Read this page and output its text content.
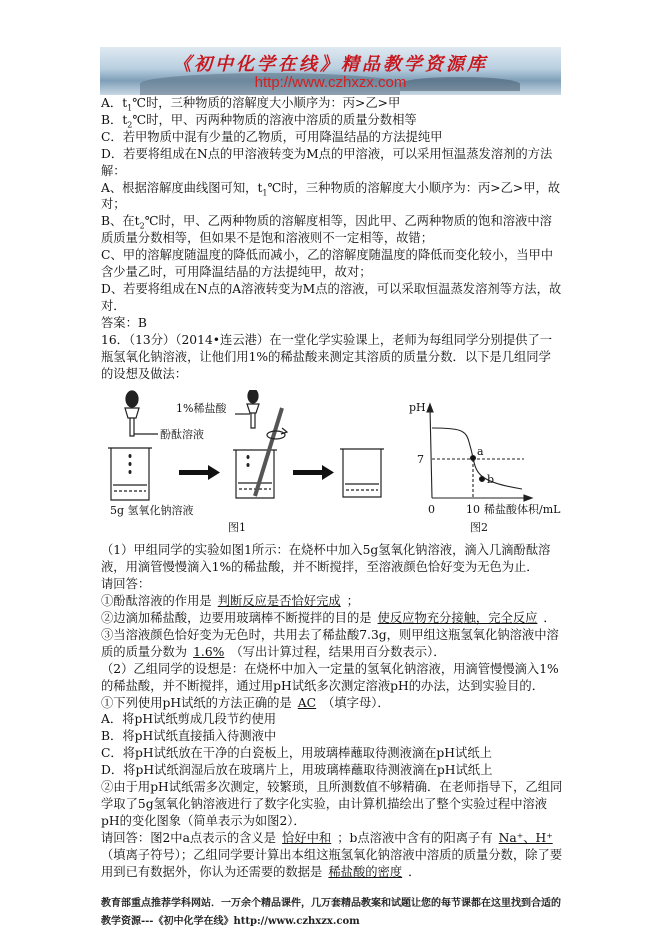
《初中化学在线》精品教学资源库
http://www.czhxzx.com

A．$t_1℃$时，三种物质的溶解度大小顺序为：丙>乙>甲

B．$t_2℃$时，甲、丙两种物质的溶液中溶质的质量分数相等

C．若甲物质中混有少量的乙物质，可用降温结晶的方法提纯甲

D．若要将组成在N点的甲溶液转变为M点的甲溶液，可以采用恒温蒸发溶剂的方法

解：

A、根据溶解度曲线图可知，$t_1℃$时，三种物质的溶解度大小顺序为：丙>乙>甲，故对；

B、在$t_2℃$时，甲、乙两种物质的溶解度相等，因此甲、乙两种物质的饱和溶液中溶质质量分数相等，但如果不是饱和溶液则不一定相等，故错；

C、甲的溶解度随温度的降低而减小，乙的溶解度随温度的降低而变化较小，当甲中含少量乙时，可用降温结晶的方法提纯甲，故对；

D、若要将组成在N点的A溶液转变为M点的溶液，可以采取恒温蒸发溶剂等方法，故对．

答案：B

16．（13分）（2014•连云港）在一堂化学实验课上，老师为每组同学分别提供了一瓶氢氧化钠溶液，让他们用1%的稀盐酸来测定其溶质的质量分数．以下是几组同学的设想及做法：

1%稀盐酸
酚酞溶液
5g 氢氧化钠溶液
图1
pH
7
0	10 稀盐酸体积/mL
a
b
图2

（1）甲组同学的实验如图1所示：在烧杯中加入5g氢氧化钠溶液，滴入几滴酚酞溶液，用滴管慢慢滴入1%的稀盐酸，并不断搅拌，至溶液颜色恰好变为无色为止．

请回答：

①酚酞溶液的作用是 判断反应是否恰好完成 ；

②边滴加稀盐酸，边要用玻璃棒不断搅拌的目的是 使反应物充分接触，完全反应 ．

③当溶液颜色恰好变为无色时，共用去了稀盐酸7.3g，则甲组这瓶氢氧化钠溶液中溶质的质量分数为 1.6% （写出计算过程，结果用百分数表示）．

（2）乙组同学的设想是：在烧杯中加入一定量的氢氧化钠溶液，用滴管慢慢滴入1%的稀盐酸，并不断搅拌，通过用pH试纸多次测定溶液pH的办法，达到实验目的．

①下列使用pH试纸的方法正确的是 AC （填字母）．

A．将pH试纸剪成几段节约使用

B．将pH试纸直接插入待测液中

C．将pH试纸放在干净的白瓷板上，用玻璃棒蘸取待测液滴在pH试纸上

D．将pH试纸润湿后放在玻璃片上，用玻璃棒蘸取待测液滴在pH试纸上

②由于用pH试纸需多次测定，较繁琐，且所测数值不够精确．在老师指导下，乙组同学取了5g氢氧化钠溶液进行了数字化实验，由计算机描绘出了整个实验过程中溶液pH的变化图象（简单表示为如图2）．

请回答：图2中a点表示的含义是 恰好中和 ；b点溶液中含有的阳离子有 Na⁺、H⁺（填离子符号）；乙组同学要计算出本组这瓶氢氧化钠溶液中溶质的质量分数，除了要用到已有数据外，你认为还需要的数据是 稀盐酸的密度 ．

教育部重点推荐学科网站．一万余个精品课件，几万套精品教案和试题让您的每节课都在这里找到合适的教学资源---《初中化学在线》http://www.czhxzx.com
